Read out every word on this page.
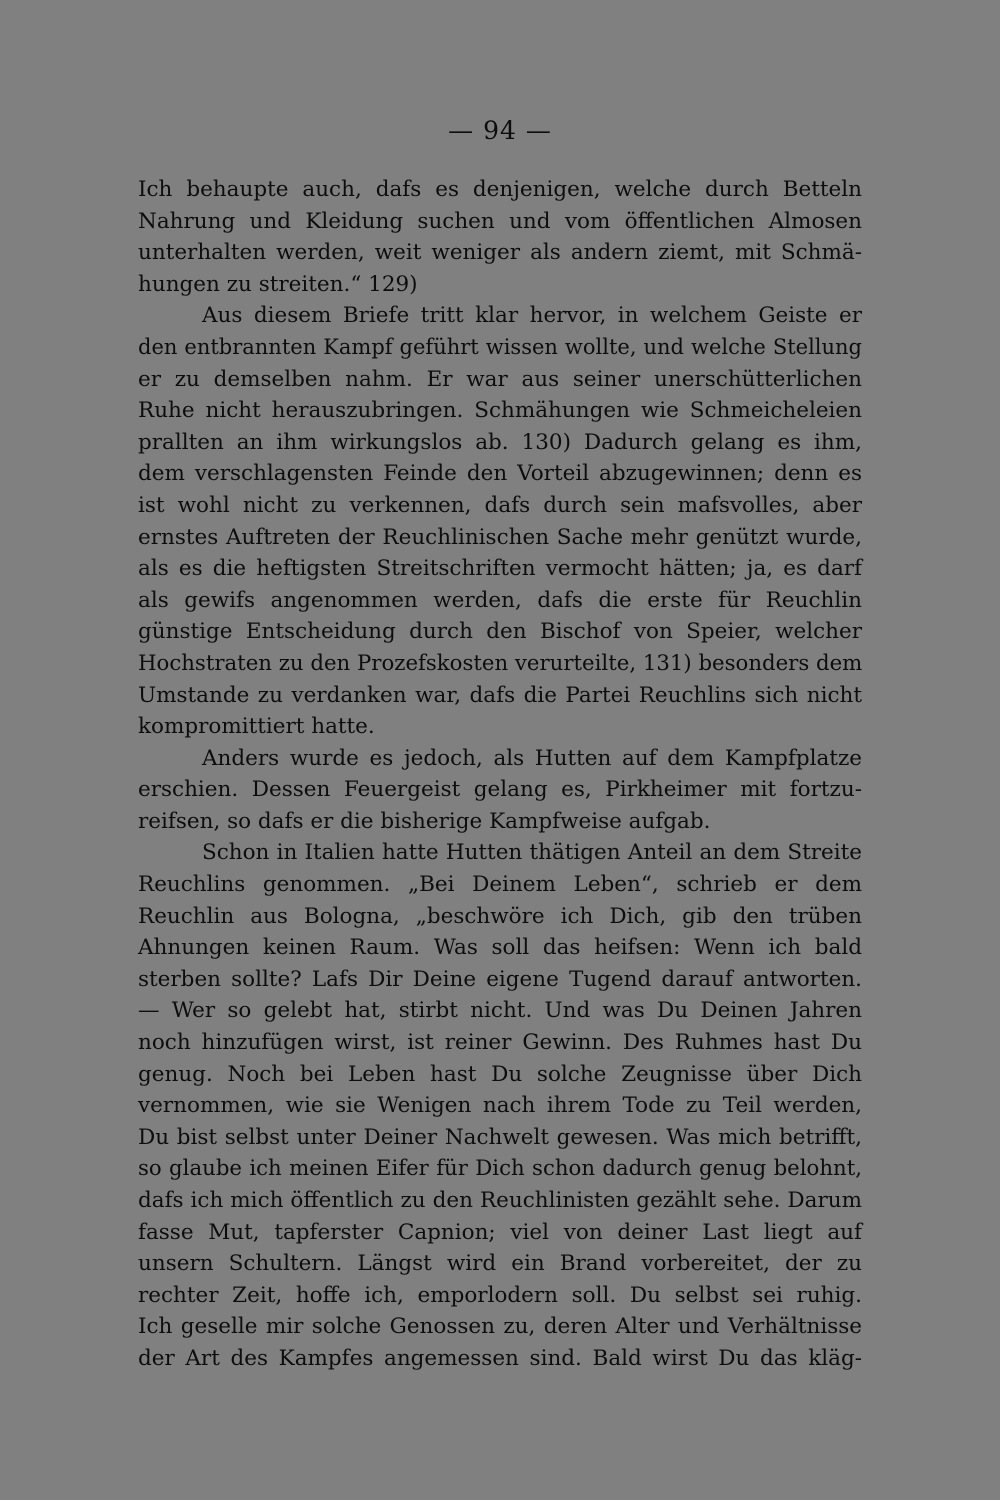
— 94 —
Ich behaupte auch, dafs es denjenigen, welche durch Betteln
Nahrung und Kleidung suchen und vom öffentlichen Almosen
unterhalten werden, weit weniger als andern ziemt, mit Schmä-
hungen zu streiten.“ 129)
Aus diesem Briefe tritt klar hervor, in welchem Geiste er
den entbrannten Kampf geführt wissen wollte, und welche Stellung
er zu demselben nahm. Er war aus seiner unerschütterlichen
Ruhe nicht herauszubringen. Schmähungen wie Schmeicheleien
prallten an ihm wirkungslos ab. 130) Dadurch gelang es ihm,
dem verschlagensten Feinde den Vorteil abzugewinnen; denn es
ist wohl nicht zu verkennen, dafs durch sein mafsvolles, aber
ernstes Auftreten der Reuchlinischen Sache mehr genützt wurde,
als es die heftigsten Streitschriften vermocht hätten; ja, es darf
als gewifs angenommen werden, dafs die erste für Reuchlin
günstige Entscheidung durch den Bischof von Speier, welcher
Hochstraten zu den Prozefskosten verurteilte, 131) besonders dem
Umstande zu verdanken war, dafs die Partei Reuchlins sich nicht
kompromittiert hatte.
Anders wurde es jedoch, als Hutten auf dem Kampfplatze
erschien. Dessen Feuergeist gelang es, Pirkheimer mit fortzu-
reifsen, so dafs er die bisherige Kampfweise aufgab.
Schon in Italien hatte Hutten thätigen Anteil an dem Streite
Reuchlins genommen. „Bei Deinem Leben“, schrieb er dem
Reuchlin aus Bologna, „beschwöre ich Dich, gib den trüben
Ahnungen keinen Raum. Was soll das heifsen: Wenn ich bald
sterben sollte? Lafs Dir Deine eigene Tugend darauf antworten.
— Wer so gelebt hat, stirbt nicht. Und was Du Deinen Jahren
noch hinzufügen wirst, ist reiner Gewinn. Des Ruhmes hast Du
genug. Noch bei Leben hast Du solche Zeugnisse über Dich
vernommen, wie sie Wenigen nach ihrem Tode zu Teil werden,
Du bist selbst unter Deiner Nachwelt gewesen. Was mich betrifft,
so glaube ich meinen Eifer für Dich schon dadurch genug belohnt,
dafs ich mich öffentlich zu den Reuchlinisten gezählt sehe. Darum
fasse Mut, tapferster Capnion; viel von deiner Last liegt auf
unsern Schultern. Längst wird ein Brand vorbereitet, der zu
rechter Zeit, hoffe ich, emporlodern soll. Du selbst sei ruhig.
Ich geselle mir solche Genossen zu, deren Alter und Verhältnisse
der Art des Kampfes angemessen sind. Bald wirst Du das kläg-
